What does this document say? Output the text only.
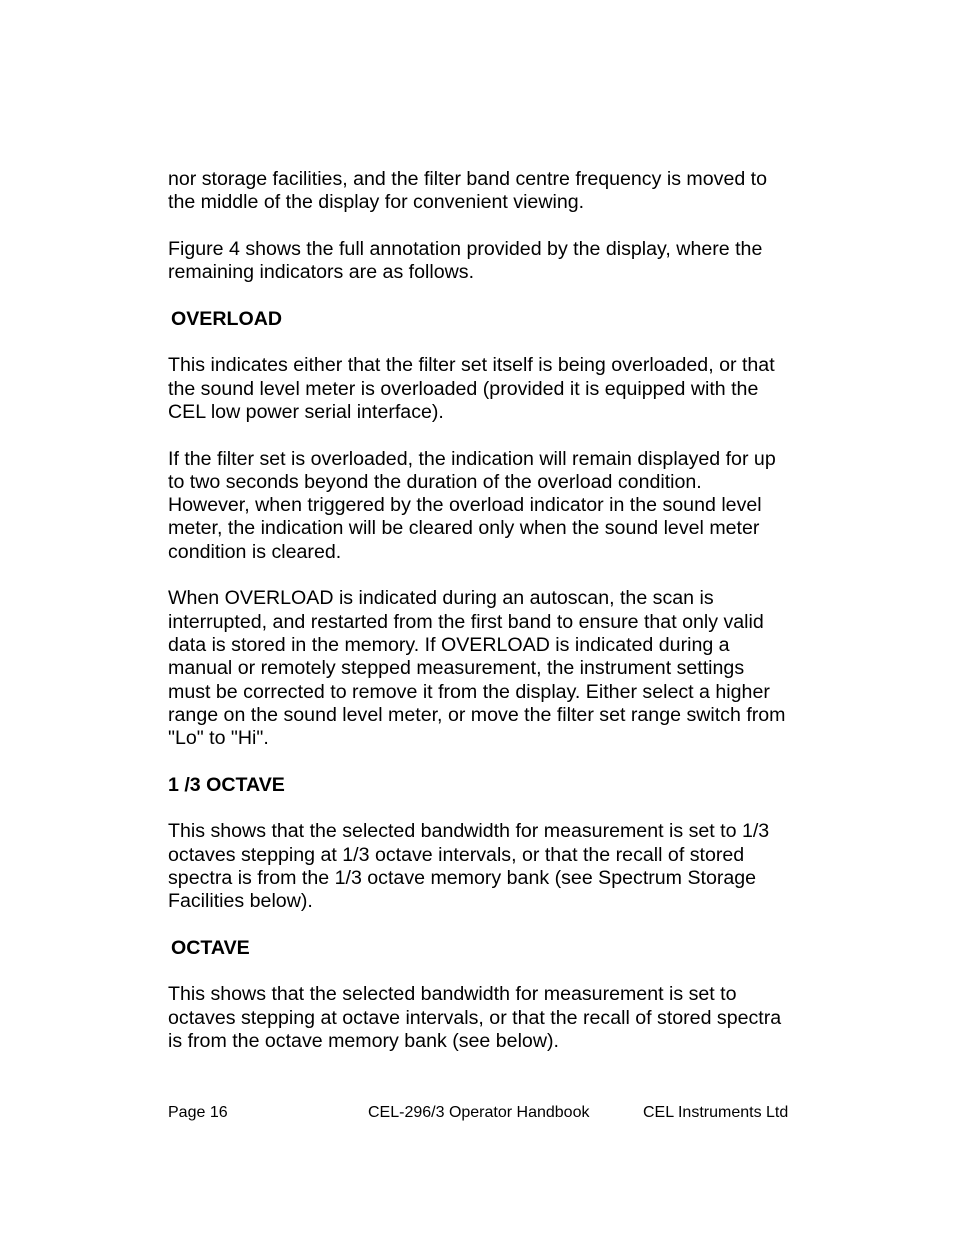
nor storage facilities, and the filter band centre frequency is moved to the middle of the display for convenient viewing.

Figure 4 shows the full annotation provided by the display, where the remaining indicators are as follows.

OVERLOAD

This indicates either that the filter set itself is being overloaded, or that the sound level meter is overloaded (provided it is equipped with the CEL low power serial interface).

If the filter set is overloaded, the indication will remain displayed for up to two seconds beyond the duration of the overload condition. However, when triggered by the overload indicator in the sound level meter, the indication will be cleared only when the sound level meter condition is cleared.

When OVERLOAD is indicated during an autoscan, the scan is interrupted, and restarted from the first band to ensure that only valid data is stored in the memory. If OVERLOAD is indicated during a manual or remotely stepped measurement, the instrument settings must be corrected to remove it from the display. Either select a higher range on the sound level meter, or move the filter set range switch from "Lo" to "Hi".

1 /3 OCTAVE

This shows that the selected bandwidth for measurement is set to 1/3 octaves stepping at 1/3 octave intervals, or that the recall of stored spectra is from the 1/3 octave memory bank (see Spectrum Storage Facilities below).

OCTAVE

This shows that the selected bandwidth for measurement is set to octaves stepping at octave intervals, or that the recall of stored spectra is from the octave memory bank (see below).

Page 16	CEL-296/3 Operator Handbook	CEL Instruments Ltd
